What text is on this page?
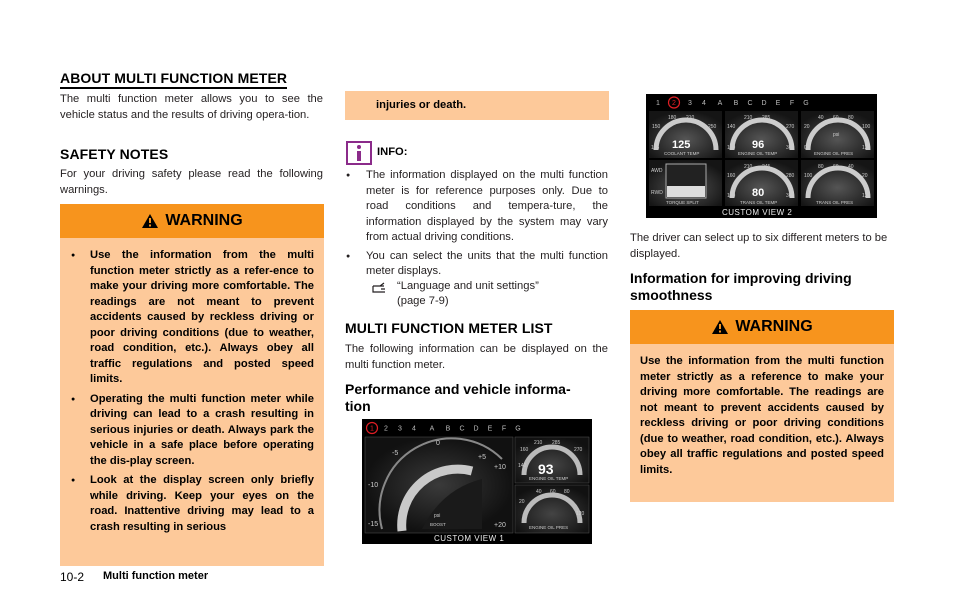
ABOUT MULTI FUNCTION METER
The multi function meter allows you to see the vehicle status and the results of driving opera-tion.
SAFETY NOTES
For your driving safety please read the following warnings.
WARNING
● Use the information from the multi function meter strictly as a refer-ence to make your driving more comfortable. The readings are not meant to prevent accidents caused by reckless driving or poor driving conditions (due to weather, road condition, etc.). Always obey all traffic regulations and posted speed limits.
● Operating the multi function meter while driving can lead to a crash resulting in serious injuries or death. Always park the vehicle in a safe place before operating the dis-play screen.
● Look at the display screen only briefly while driving. Keep your eyes on the road. Inattentive driving may lead to a crash resulting in serious
injuries or death.
INFO:
● The information displayed on the multi function meter is for reference purposes only. Due to road conditions and tempera-ture, the information displayed by the system may vary from actual driving conditions.
● You can select the units that the multi function meter displays.
“Language and unit settings”
(page 7-9)
MULTI FUNCTION METER LIST
The following information can be displayed on the multi function meter.
Performance and vehicle informa-tion
1 2 3 4 A B C D E F G
0
-5
+5
-10
+10
-15	+20
psi
BOOST
93
210 285
270
160
140
ENGINE OIL TEMP
40 60 80
20
120
ENGINE OIL PRES
CUSTOM VIEW 1
1 2 3 4 A B C D E F G
125
180 210
150	250
125
COOLANT TEMP
96
210 285
140	270
160	300
ENGINE OIL TEMP
psi
40 60 80
20	100
0	120
ENGINE OIL PRES
AWD
RWD
TORQUE SPLIT
80
210 245
160	280
140	300
TRANS OIL TEMP
80 60 40
100	20
120
TRANS OIL PRES
CUSTOM VIEW 2
The driver can select up to six different meters to be displayed.
Information for improving driving smoothness
WARNING
Use the information from the multi function meter strictly as a reference to make your driving more comfortable. The readings are not meant to prevent accidents caused by reckless driving or poor driving conditions (due to weather, road condition, etc.). Always obey all traffic regulations and posted speed limits.
10-2 Multi function meter
